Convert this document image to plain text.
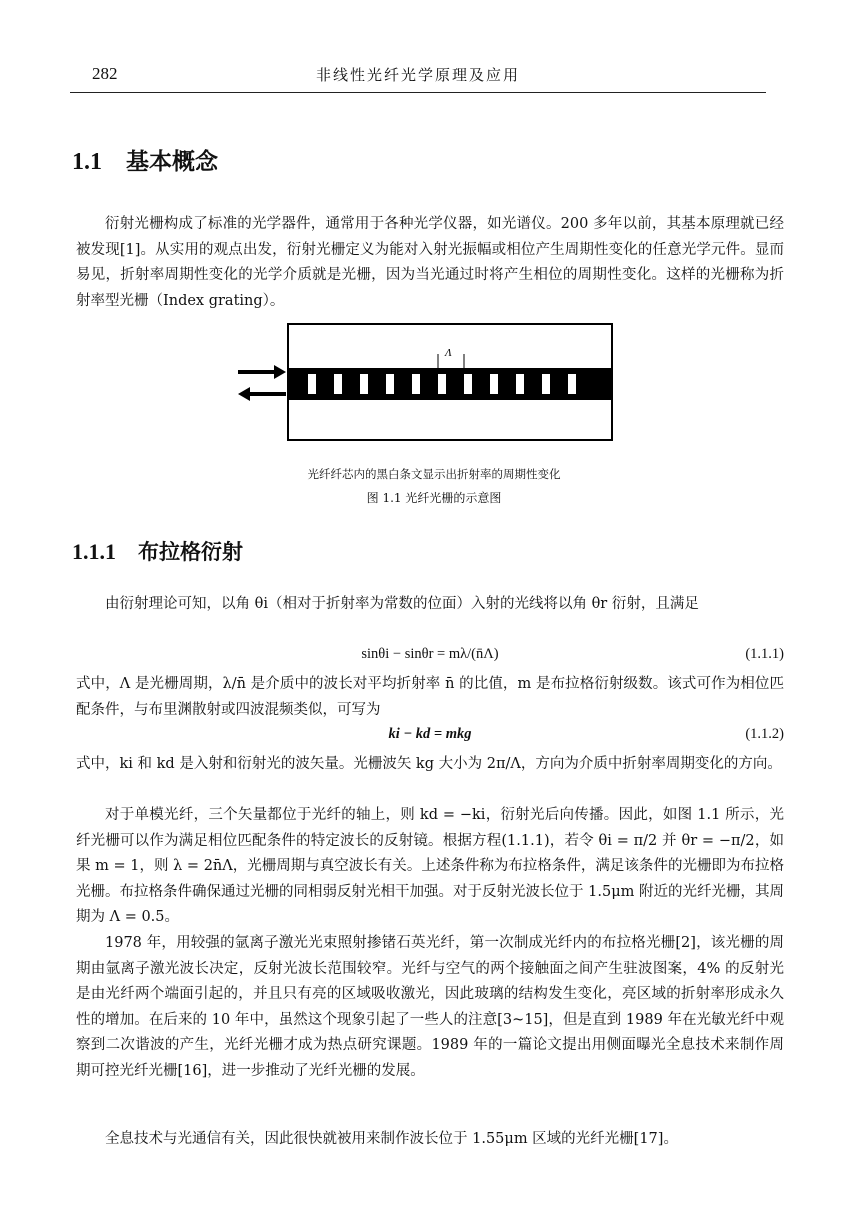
282	非线性光纤光学原理及应用
1.1 基本概念
衍射光栅构成了标准的光学器件，通常用于各种光学仪器，如光谱仪。200 多年以前，其基本原理就已经被发现[1]。从实用的观点出发，衍射光栅定义为能对入射光振幅或相位产生周期性变化的任意光学元件。显而易见，折射率周期性变化的光学介质就是光栅，因为当光通过时将产生相位的周期性变化。这样的光栅称为折射率型光栅（Index grating）。
Λ
光纤纤芯内的黑白条文显示出折射率的周期性变化
图 1.1 光纤光栅的示意图
1.1.1 布拉格衍射
由衍射理论可知，以角 θi（相对于折射率为常数的位面）入射的光线将以角 θr 衍射，且满足
sinθi − sinθr = mλ/(n̄Λ)	(1.1.1)
式中，Λ 是光栅周期，λ/n̄ 是介质中的波长对平均折射率 n̄ 的比值，m 是布拉格衍射级数。该式可作为相位匹配条件，与布里渊散射或四波混频类似，可写为
ki − kd = mkg	(1.1.2)
式中，ki 和 kd 是入射和衍射光的波矢量。光栅波矢 kg 大小为 2π/Λ，方向为介质中折射率周期变化的方向。
对于单模光纤，三个矢量都位于光纤的轴上，则 kd = −ki，衍射光后向传播。因此，如图 1.1 所示，光纤光栅可以作为满足相位匹配条件的特定波长的反射镜。根据方程(1.1.1)，若令 θi = π/2 并 θr = −π/2，如果 m = 1，则 λ = 2n̄Λ，光栅周期与真空波长有关。上述条件称为布拉格条件，满足该条件的光栅即为布拉格光栅。布拉格条件确保通过光栅的同相弱反射光相干加强。对于反射光波长位于 1.5μm 附近的光纤光栅，其周期为 Λ = 0.5。
1978 年，用较强的氩离子激光光束照射掺锗石英光纤，第一次制成光纤内的布拉格光栅[2]，该光栅的周期由氩离子激光波长决定，反射光波长范围较窄。光纤与空气的两个接触面之间产生驻波图案，4% 的反射光是由光纤两个端面引起的，并且只有亮的区域吸收激光，因此玻璃的结构发生变化，亮区域的折射率形成永久性的增加。在后来的 10 年中，虽然这个现象引起了一些人的注意[3~15]，但是直到 1989 年在光敏光纤中观察到二次谐波的产生，光纤光栅才成为热点研究课题。1989 年的一篇论文提出用侧面曝光全息技术来制作周期可控光纤光栅[16]，进一步推动了光纤光栅的发展。
全息技术与光通信有关，因此很快就被用来制作波长位于 1.55μm 区域的光纤光栅[17]。
